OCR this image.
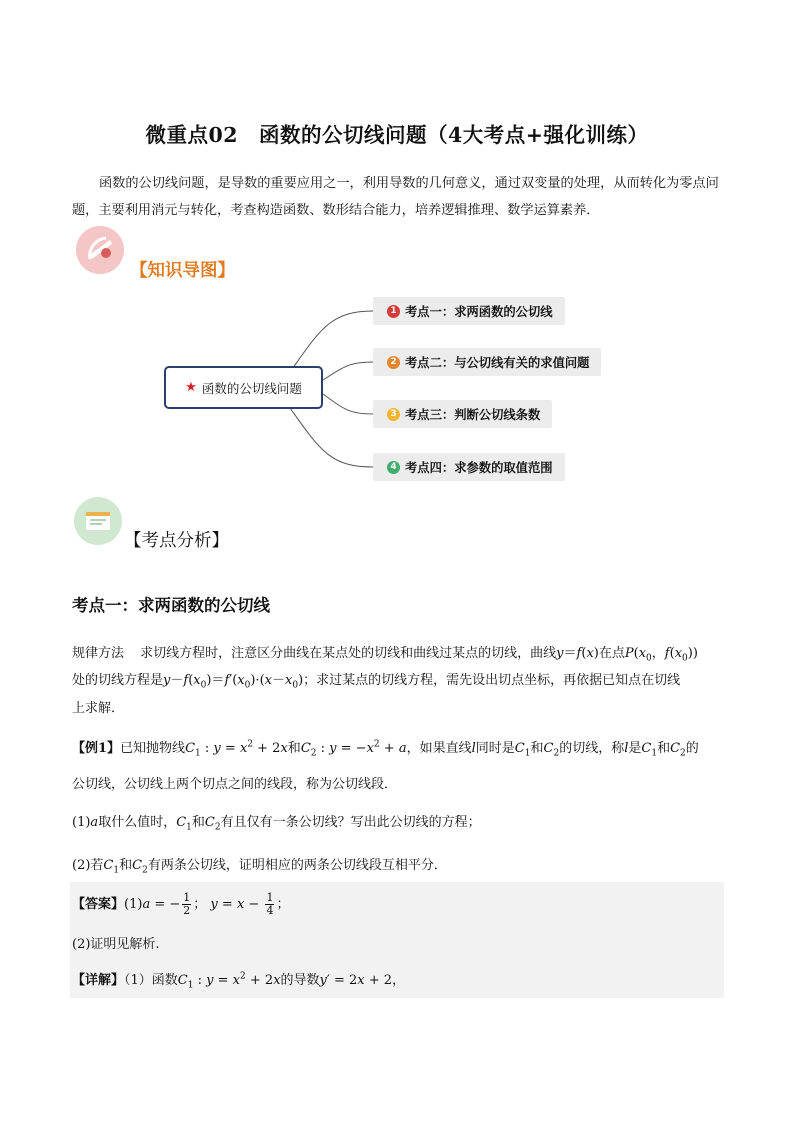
微重点02　函数的公切线问题（4大考点+强化训练）
函数的公切线问题，是导数的重要应用之一，利用导数的几何意义，通过双变量的处理，从而转化为零点问题，主要利用消元与转化，考查构造函数、数形结合能力，培养逻辑推理、数学运算素养．
【知识导图】
★ 函数的公切线问题
1 考点一：求两函数的公切线
2 考点二：与公切线有关的求值问题
3 考点三：判断公切线条数
4 考点四：求参数的取值范围
【考点分析】
考点一：求两函数的公切线
规律方法 求切线方程时，注意区分曲线在某点处的切线和曲线过某点的切线，曲线y＝f(x)在点$P(x_0$，$f(x_0)$)
处的切线方程是$y-f(x_0)=f'(x_0)\cdot(x-x_0)$；求过某点的切线方程，需先设出切点坐标，再依据已知点在切线
上求解．
【例1】已知抛物线$C_1$ : $y = x^2 + 2x$和$C_2$ : $y = -x^2 + a$，如果直线l同时是$C_1$和$C_2$的切线，称l是$C_1$和$C_2$的
公切线，公切线上两个切点之间的线段，称为公切线段．
(1)a取什么值时，$C_1$和$C_2$有且仅有一条公切线？写出此公切线的方程；
(2)若$C_1$和$C_2$有两条公切线，证明相应的两条公切线段互相平分．
【答案】(1)a = − $\frac{1}{2}$ ； $y = x - \frac{1}{4}$ ；
(2)证明见解析.
【详解】（1）函数$C_1$ : $y = x^2 + 2x$的导数y′ = 2x + 2，
